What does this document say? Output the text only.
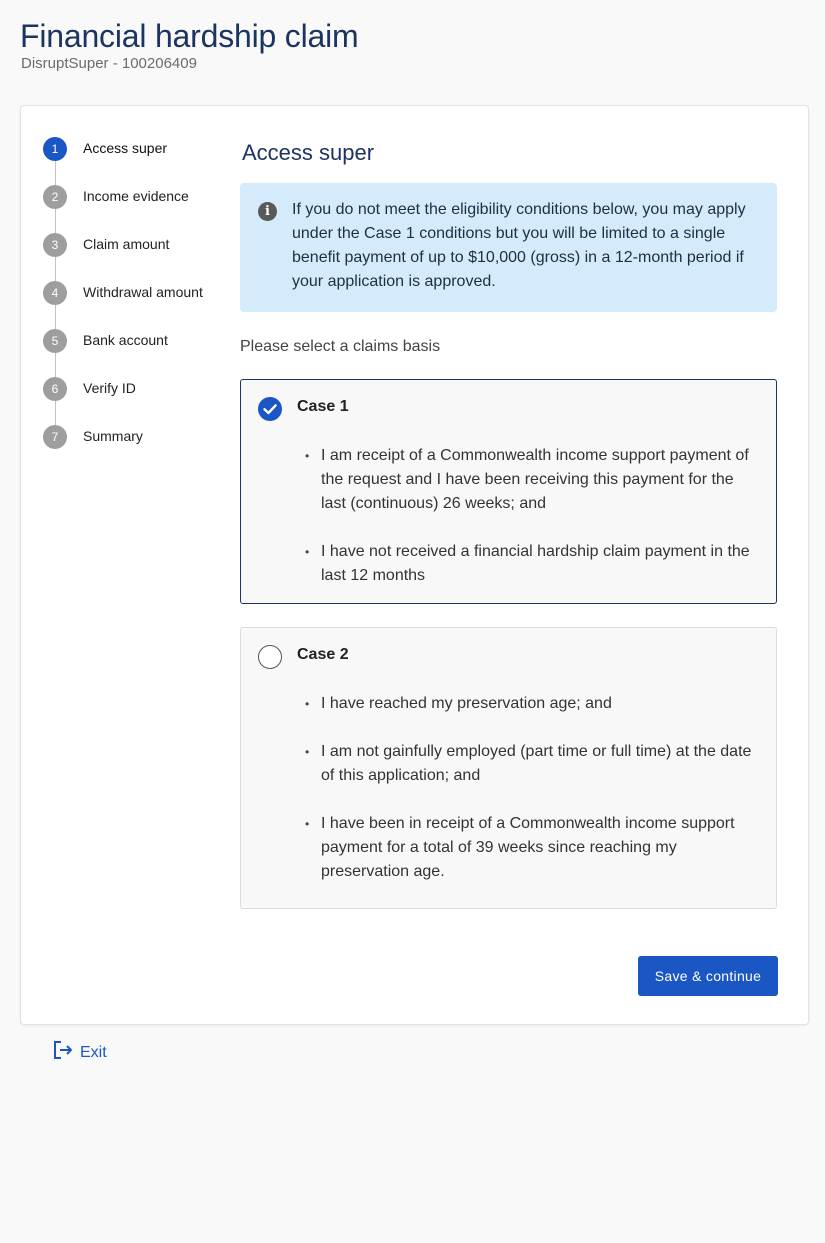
Financial hardship claim
DisruptSuper - 100206409
1	Access super
2	Income evidence
3	Claim amount
4	Withdrawal amount
5	Bank account
6	Verify ID
7	Summary
Access super
i	If you do not meet the eligibility conditions below, you may apply under the Case 1 conditions but you will be limited to a single benefit payment of up to $10,000 (gross) in a 12-month period if your application is approved.

Please select a claims basis
Case 1
• I am receipt of a Commonwealth income support payment of the request and I have been receiving this payment for the last (continuous) 26 weeks; and
• I have not received a financial hardship claim payment in the last 12 months
Case 2
• I have reached my preservation age; and
• I am not gainfully employed (part time or full time) at the date of this application; and
• I have been in receipt of a Commonwealth income support payment for a total of 39 weeks since reaching my preservation age.
Save & continue
Exit
